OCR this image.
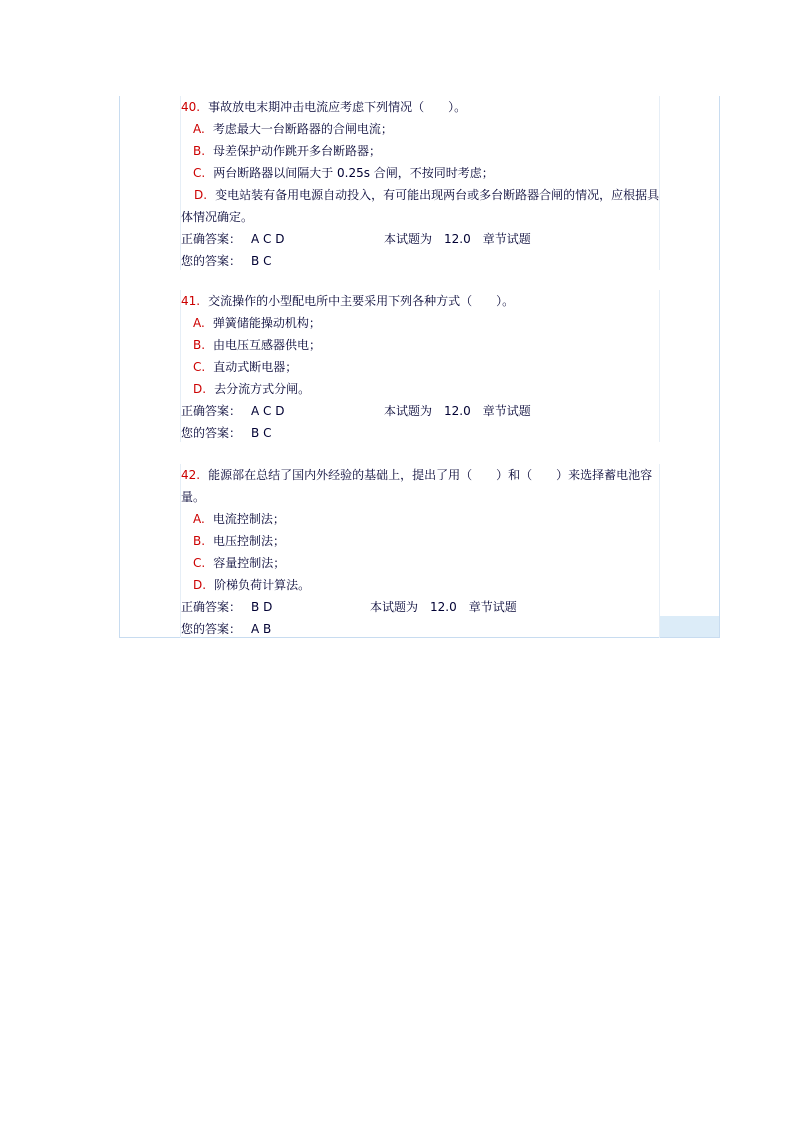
40. 事故放电末期冲击电流应考虑下列情况（　　）。
A. 考虑最大一台断路器的合闸电流；
B. 母差保护动作跳开多台断路器；
C. 两台断路器以间隔大于 0.25s 合闸，不按同时考虑；
D. 变电站装有备用电源自动投入，有可能出现两台或多台断路器合闸的情况，应根据具体情况确定。
正确答案： A C D	本试题为 12.0 章节试题
您的答案： B C
41. 交流操作的小型配电所中主要采用下列各种方式（　　）。
A. 弹簧储能操动机构；
B. 由电压互感器供电；
C. 直动式断电器；
D. 去分流方式分闸。
正确答案： A C D	本试题为 12.0 章节试题
您的答案： B C
42. 能源部在总结了国内外经验的基础上，提出了用（　　）和（　　）来选择蓄电池容量。
A. 电流控制法；
B. 电压控制法；
C. 容量控制法；
D. 阶梯负荷计算法。
正确答案： B D	本试题为 12.0 章节试题
您的答案： A B
